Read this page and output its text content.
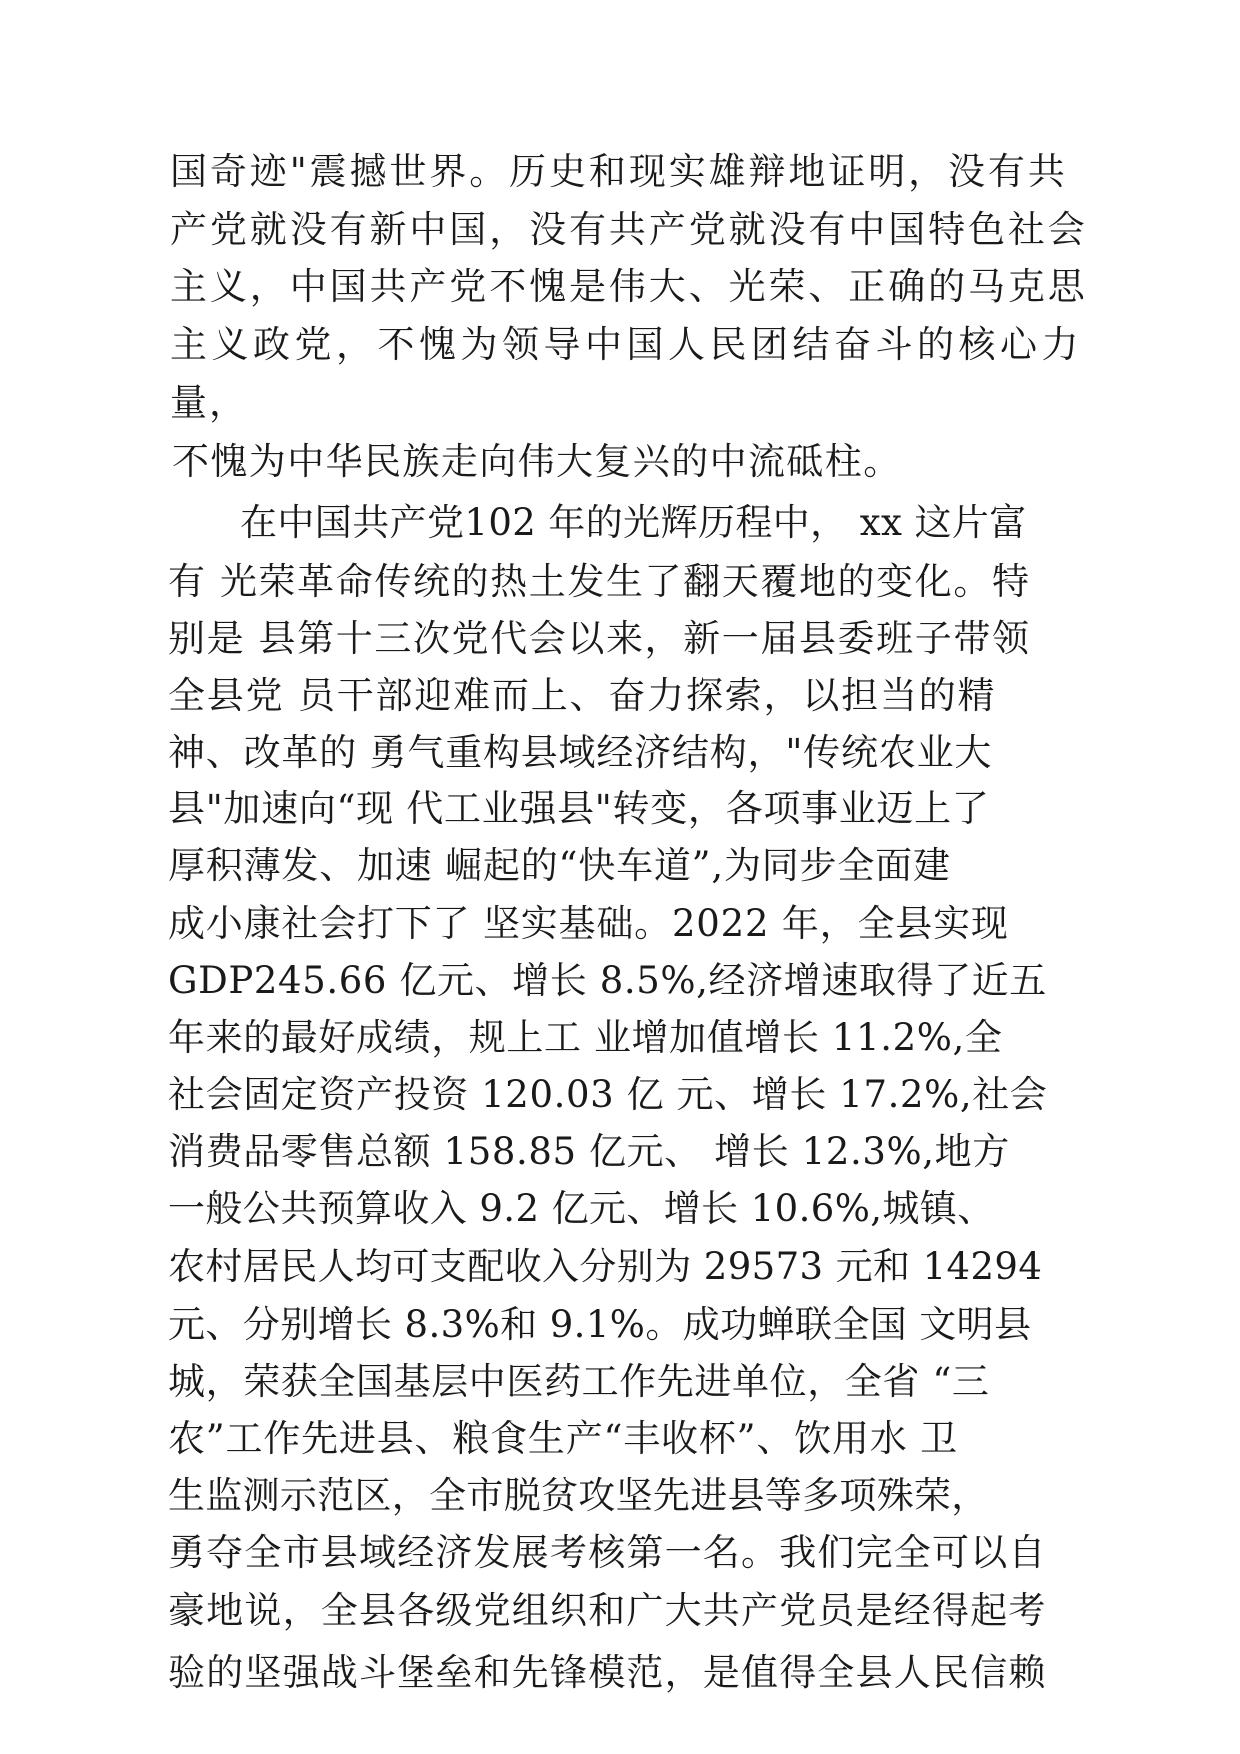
国奇迹"震撼世界。历史和现实雄辩地证明，没有共
产党就没有新中国，没有共产党就没有中国特色社会
主义，中国共产党不愧是伟大、光荣、正确的马克思
主义政党，不愧为领导中国人民团结奋斗的核心力
量，
不愧为中华民族走向伟大复兴的中流砥柱。
在中国共产党102 年的光辉历程中， xx 这片富
有 光荣革命传统的热土发生了翻天覆地的变化。特
别是 县第十三次党代会以来，新一届县委班子带领
全县党 员干部迎难而上、奋力探索，以担当的精
神、改革的 勇气重构县域经济结构，"传统农业大
县"加速向“现 代工业强县"转变，各项事业迈上了
厚积薄发、加速 崛起的“快车道”,为同步全面建
成小康社会打下了 坚实基础。2022 年，全县实现
GDP245.66 亿元、增长 8.5%,经济增速取得了近五
年来的最好成绩，规上工 业增加值增长 11.2%,全
社会固定资产投资 120.03 亿 元、增长 17.2%,社会
消费品零售总额 158.85 亿元、 增长 12.3%,地方
一般公共预算收入 9.2 亿元、增长 10.6%,城镇、
农村居民人均可支配收入分别为 29573 元和 14294
元、分别增长 8.3%和 9.1%。成功蝉联全国 文明县
城，荣获全国基层中医药工作先进单位，全省 “三
农”工作先进县、粮食生产“丰收杯”、饮用水 卫
生监测示范区，全市脱贫攻坚先进县等多项殊荣，
勇夺全市县域经济发展考核第一名。我们完全可以自
豪地说，全县各级党组织和广大共产党员是经得起考
验的坚强战斗堡垒和先锋模范，是值得全县人民信赖
